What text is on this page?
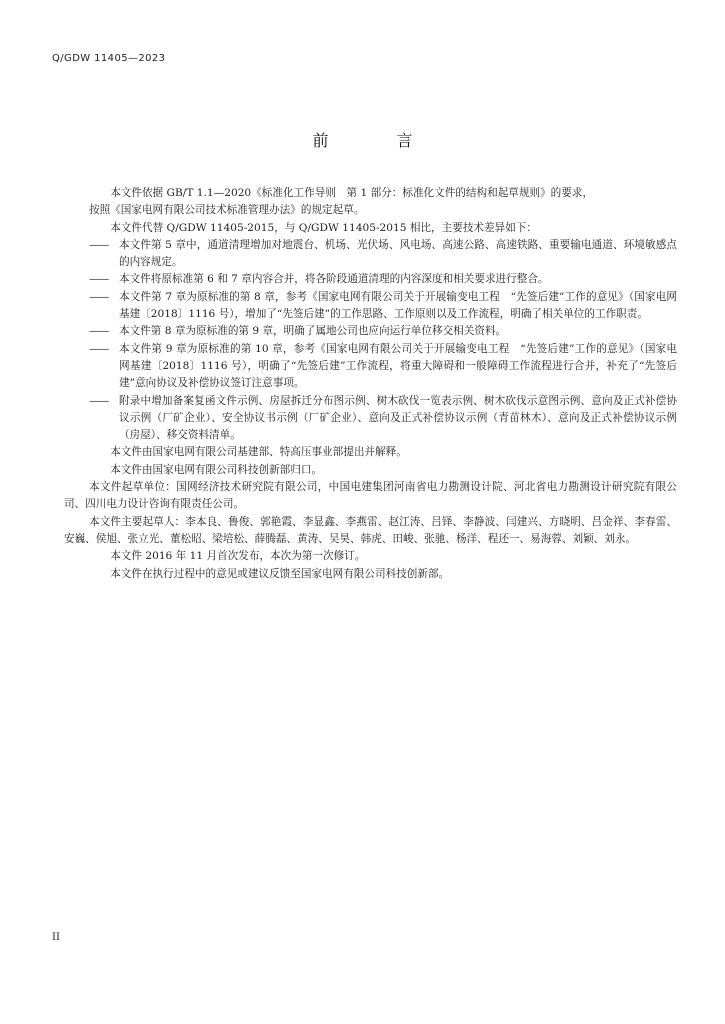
Q/GDW 11405—2023
前　言

本文件依据 GB/T 1.1—2020《标准化工作导则　第 1 部分：标准化文件的结构和起草规则》的要求，

按照《国家电网有限公司技术标准管理办法》的规定起草。

本文件代替 Q/GDW 11405-2015，与 Q/GDW 11405-2015 相比，主要技术差异如下：

——	本文件第 5 章中，通道清理增加对地震台、机场、光伏场、风电场、高速公路、高速铁路、重要输电通道、环境敏感点的内容规定。
——	本文件将原标准第 6 和 7 章内容合并，将各阶段通道清理的内容深度和相关要求进行整合。
——	本文件第 7 章为原标准的第 8 章，参考《国家电网有限公司关于开展输变电工程　“先签后建”工作的意见》（国家电网基建〔2018〕1116 号），增加了“先签后建”的工作思路、工作原则以及工作流程，明确了相关单位的工作职责。
——	本文件第 8 章为原标准的第 9 章，明确了属地公司也应向运行单位移交相关资料。
——	本文件第 9 章为原标准的第 10 章，参考《国家电网有限公司关于开展输变电工程　“先签后建”工作的意见》（国家电网基建〔2018〕1116 号），明确了“先签后建”工作流程，将重大障碍和一般障碍工作流程进行合并，补充了“先签后建”意向协议及补偿协议签订注意事项。
——	附录中增加备案复函文件示例、房屋拆迁分布图示例、树木砍伐一览表示例、树木砍伐示意图示例、意向及正式补偿协议示例（厂矿企业）、安全协议书示例（厂矿企业）、意向及正式补偿协议示例（青苗林木）、意向及正式补偿协议示例（房屋）、移交资料清单。

本文件由国家电网有限公司基建部、特高压事业部提出并解释。

本文件由国家电网有限公司科技创新部归口。

本文件起草单位：国网经济技术研究院有限公司，中国电建集团河南省电力勘测设计院、河北省电力勘测设计研究院有限公司、四川电力设计咨询有限责任公司。

本文件主要起草人：李本良、鲁俊、郭艳霞、李显鑫、李燕雷、赵江涛、吕铎、李静波、闫建兴、方晓明、吕金祥、李春雷、安巍、侯旭、张立光、董松昭、梁培松、薛腾磊、黄涛、吴昊、韩虎、田峻、张驰、杨洋、程还一、易海蓉、刘颖、刘永。

本文件 2016 年 11 月首次发布，本次为第一次修订。

本文件在执行过程中的意见或建议反馈至国家电网有限公司科技创新部。

II
